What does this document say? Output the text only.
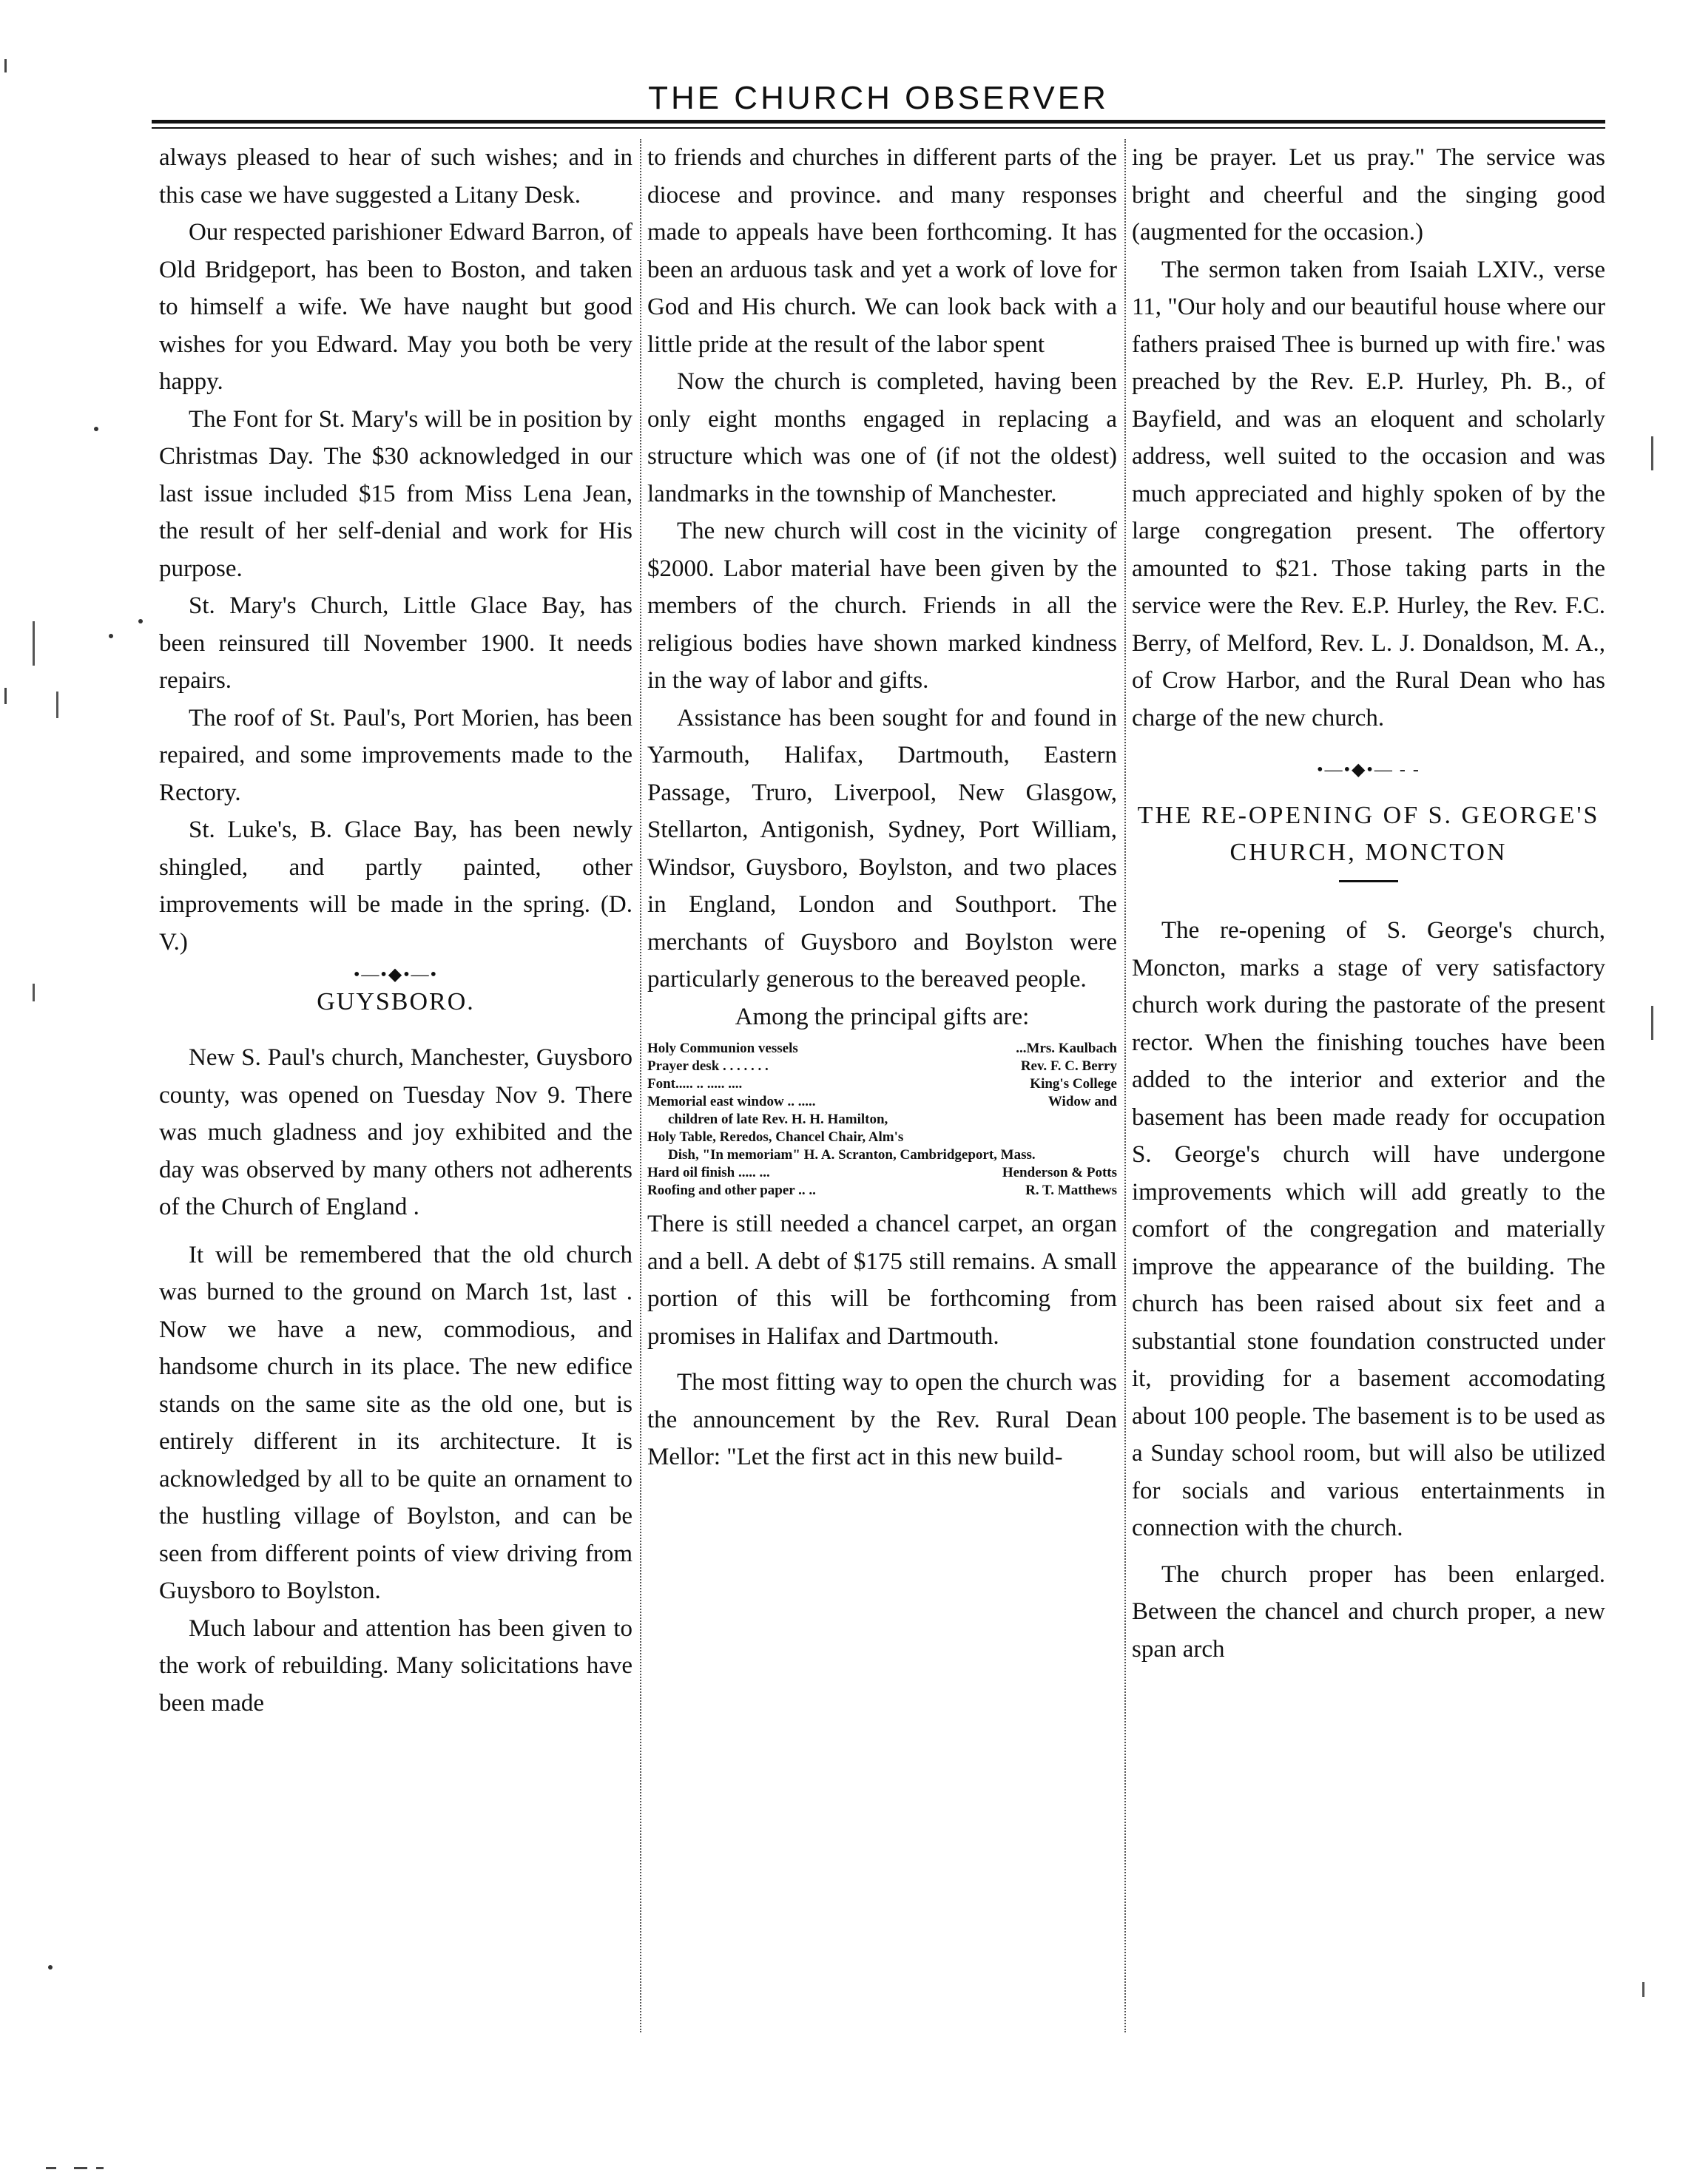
THE CHURCH OBSERVER

always pleased to hear of such wishes; and in this case we have suggested a Litany Desk.

Our respected parishioner Edward Barron, of Old Bridgeport, has been to Boston, and taken to himself a wife. We have naught but good wishes for you Edward. May you both be very happy.

The Font for St. Mary's will be in position by Christmas Day. The $30 acknowledged in our last issue included $15 from Miss Lena Jean, the result of her self-denial and work for His purpose.

St. Mary's Church, Little Glace Bay, has been reinsured till November 1900. It needs repairs.

The roof of St. Paul's, Port Morien, has been repaired, and some improvements made to the Rectory.

St. Luke's, B. Glace Bay, has been newly shingled, and partly painted, other improvements will be made in the spring. (D. V.)

•—•◆•—•
GUYSBORO.

New S. Paul's church, Manchester, Guysboro county, was opened on Tuesday Nov 9. There was much gladness and joy exhibited and the day was observed by many others not adherents of the Church of England .

It will be remembered that the old church was burned to the ground on March 1st, last . Now we have a new, commodious, and handsome church in its place. The new edifice stands on the same site as the old one, but is entirely different in its architecture. It is acknowledged by all to be quite an ornament to the hustling village of Boylston, and can be seen from different points of view driving from Guysboro to Boylston.

Much labour and attention has been given to the work of rebuilding. Many solicitations have been made

to friends and churches in different parts of the diocese and province. and many responses made to appeals have been forthcoming. It has been an arduous task and yet a work of love for God and His church. We can look back with a little pride at the result of the labor spent

Now the church is completed, having been only eight months engaged in replacing a structure which was one of (if not the oldest) landmarks in the township of Manchester.

The new church will cost in the vicinity of $2000. Labor material have been given by the members of the church. Friends in all the religious bodies have shown marked kindness in the way of labor and gifts.

Assistance has been sought for and found in Yarmouth, Halifax, Dartmouth, Eastern Passage, Truro, Liverpool, New Glasgow, Stellarton, Antigonish, Sydney, Port William, Windsor, Guysboro, Boylston, and two places in England, London and Southport. The merchants of Guysboro and Boylston were particularly generous to the bereaved people.

Among the principal gifts are:

Holy Communion vessels	...Mrs. Kaulbach
Prayer desk . . . . . . .	Rev. F. C. Berry
Font..... .. ..... ....	King's College
Memorial east window .. .....	Widow and
children of late Rev. H. H. Hamilton,
Holy Table, Reredos, Chancel Chair, Alm's
Dish, "In memoriam" H. A. Scranton, Cambridgeport, Mass.
Hard oil finish ..... ...	Henderson & Potts
Roofing and other paper .. ..	R. T. Matthews

There is still needed a chancel carpet, an organ and a bell. A debt of $175 still remains. A small portion of this will be forthcoming from promises in Halifax and Dartmouth.

The most fitting way to open the church was the announcement by the Rev. Rural Dean Mellor: "Let the first act in this new build-

ing be prayer. Let us pray." The service was bright and cheerful and the singing good (augmented for the occasion.)

The sermon taken from Isaiah LXIV., verse 11, "Our holy and our beautiful house where our fathers praised Thee is burned up with fire.' was preached by the Rev. E.P. Hurley, Ph. B., of Bayfield, and was an eloquent and scholarly address, well suited to the occasion and was much appreciated and highly spoken of by the large congregation present. The offertory amounted to $21. Those taking parts in the service were the Rev. E.P. Hurley, the Rev. F.C. Berry, of Melford, Rev. L. J. Donaldson, M. A., of Crow Harbor, and the Rural Dean who has charge of the new church.

•—•◆•— - -
THE RE-OPENING OF S. GEORGE'S CHURCH, MONCTON

The re-opening of S. George's church, Moncton, marks a stage of very satisfactory church work during the pastorate of the present rector. When the finishing touches have been added to the interior and exterior and the basement has been made ready for occupation S. George's church will have undergone improvements which will add greatly to the comfort of the congregation and materially improve the appearance of the building. The church has been raised about six feet and a substantial stone foundation constructed under it, providing for a basement accomodating about 100 people. The basement is to be used as a Sunday school room, but will also be utilized for socials and various entertainments in connection with the church.

The church proper has been enlarged. Between the chancel and church proper, a new span arch
